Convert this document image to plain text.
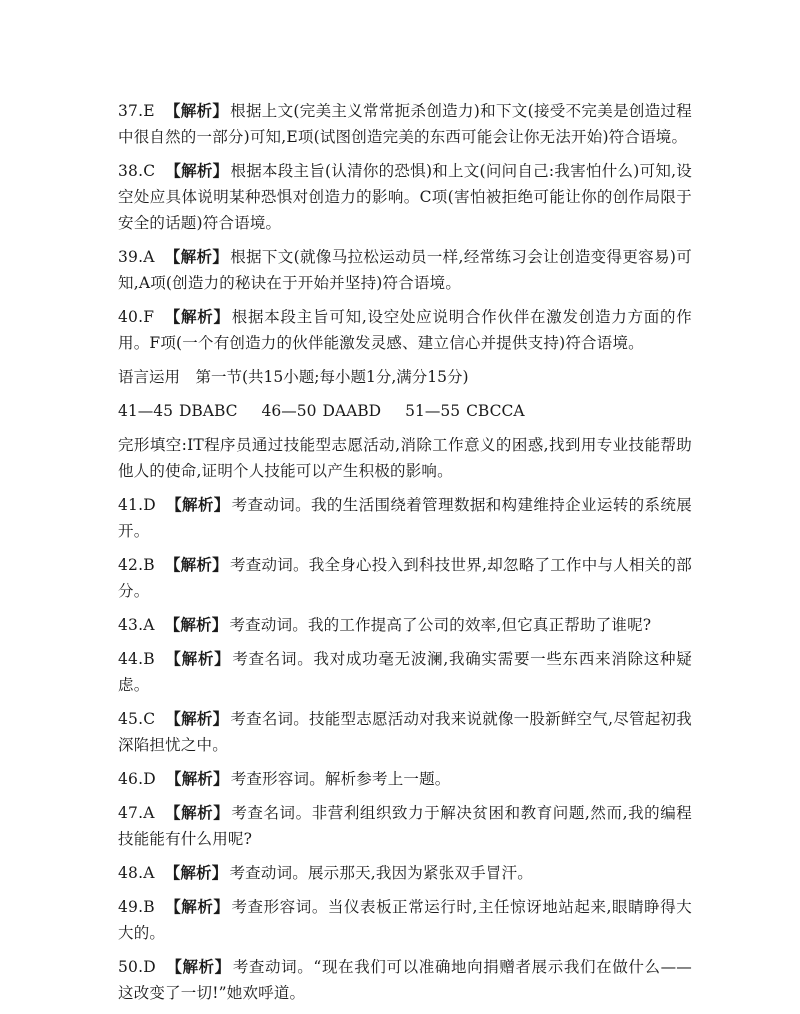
37.E 【解析】 根据上文(完美主义常常扼杀创造力)和下文(接受不完美是创造过程中很自然的一部分)可知,E项(试图创造完美的东西可能会让你无法开始)符合语境。

38.C 【解析】 根据本段主旨(认清你的恐惧)和上文(问问自己:我害怕什么)可知,设空处应具体说明某种恐惧对创造力的影响。C项(害怕被拒绝可能让你的创作局限于安全的话题)符合语境。

39.A 【解析】 根据下文(就像马拉松运动员一样,经常练习会让创造变得更容易)可知,A项(创造力的秘诀在于开始并坚持)符合语境。

40.F 【解析】 根据本段主旨可知,设空处应说明合作伙伴在激发创造力方面的作用。F项(一个有创造力的伙伴能激发灵感、建立信心并提供支持)符合语境。

语言运用　第一节(共15小题;每小题1分,满分15分)

41—45 DBABC 46—50 DAABD 51—55 CBCCA

完形填空:IT程序员通过技能型志愿活动,消除工作意义的困惑,找到用专业技能帮助他人的使命,证明个人技能可以产生积极的影响。

41.D 【解析】 考查动词。我的生活围绕着管理数据和构建维持企业运转的系统展开。

42.B 【解析】 考查动词。我全身心投入到科技世界,却忽略了工作中与人相关的部分。

43.A 【解析】 考查动词。我的工作提高了公司的效率,但它真正帮助了谁呢?

44.B 【解析】 考查名词。我对成功毫无波澜,我确实需要一些东西来消除这种疑虑。

45.C 【解析】 考查名词。技能型志愿活动对我来说就像一股新鲜空气,尽管起初我深陷担忧之中。

46.D 【解析】 考查形容词。解析参考上一题。

47.A 【解析】 考查名词。非营利组织致力于解决贫困和教育问题,然而,我的编程技能能有什么用呢?

48.A 【解析】 考查动词。展示那天,我因为紧张双手冒汗。

49.B 【解析】 考查形容词。当仪表板正常运行时,主任惊讶地站起来,眼睛睁得大大的。

50.D 【解析】 考查动词。“现在我们可以准确地向捐赠者展示我们在做什么——这改变了一切!”她欢呼道。
